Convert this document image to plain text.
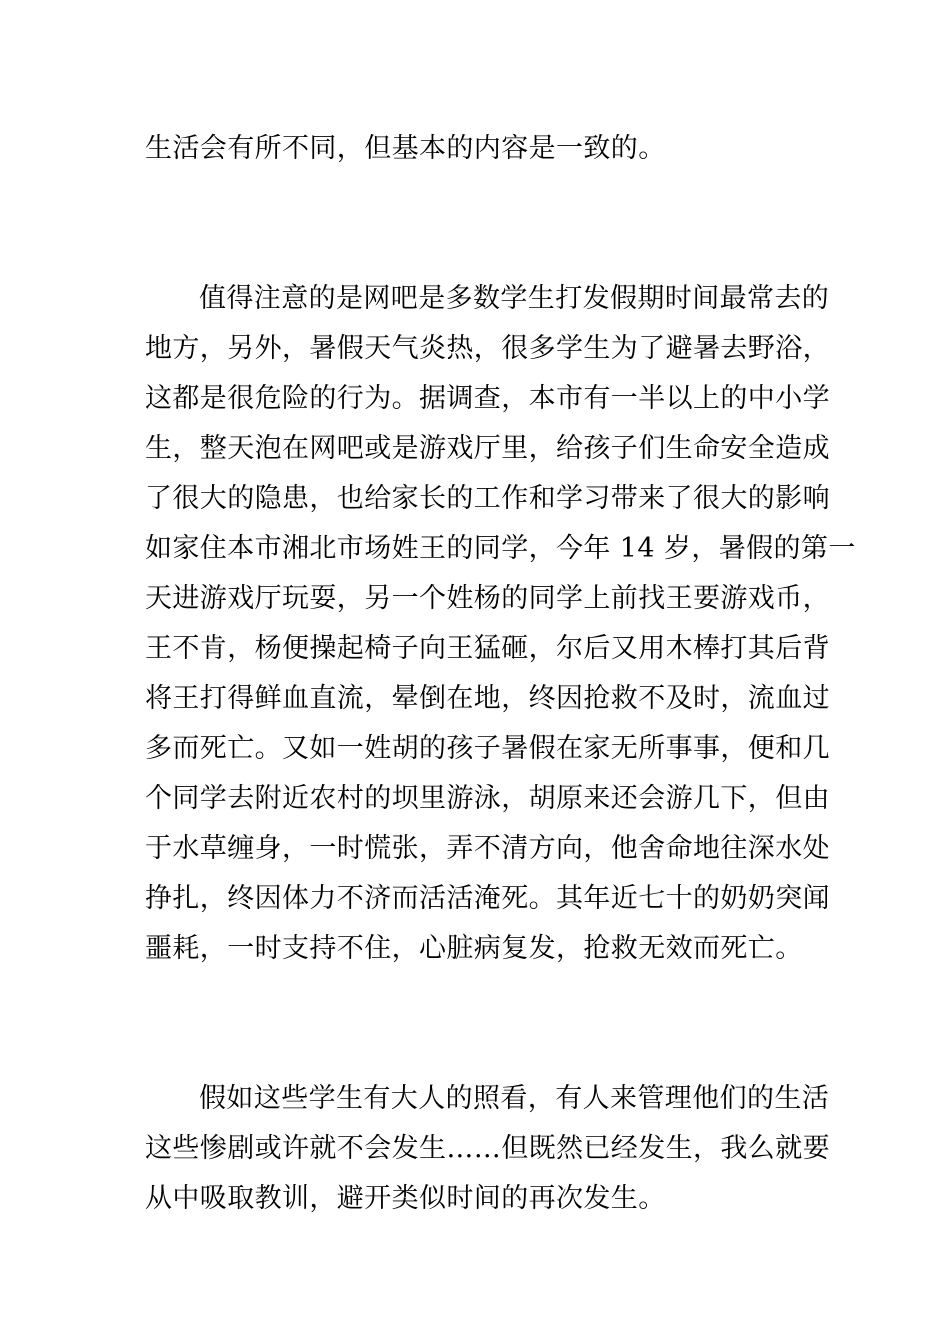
生活会有所不同，但基本的内容是一致的。
值得注意的是网吧是多数学生打发假期时间最常去的
地方，另外，暑假天气炎热，很多学生为了避暑去野浴，
这都是很危险的行为。据调查，本市有一半以上的中小学
生，整天泡在网吧或是游戏厅里，给孩子们生命安全造成
了很大的隐患，也给家长的工作和学习带来了很大的影响
如家住本市湘北市场姓王的同学，今年 14 岁，暑假的第一
天进游戏厅玩耍，另一个姓杨的同学上前找王要游戏币，
王不肯，杨便操起椅子向王猛砸，尔后又用木棒打其后背
将王打得鲜血直流，晕倒在地，终因抢救不及时，流血过
多而死亡。又如一姓胡的孩子暑假在家无所事事，便和几
个同学去附近农村的坝里游泳，胡原来还会游几下，但由
于水草缠身，一时慌张，弄不清方向，他舍命地往深水处
挣扎，终因体力不济而活活淹死。其年近七十的奶奶突闻
噩耗，一时支持不住，心脏病复发，抢救无效而死亡。
假如这些学生有大人的照看，有人来管理他们的生活
这些惨剧或许就不会发生……但既然已经发生，我么就要
从中吸取教训，避开类似时间的再次发生。
